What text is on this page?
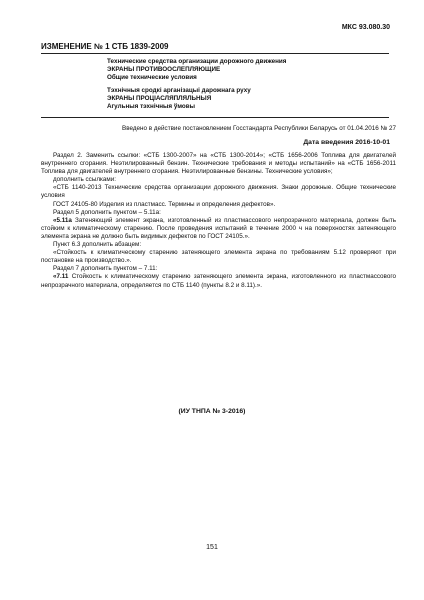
МКС 93.080.30
ИЗМЕНЕНИЕ № 1 СТБ 1839-2009
Технические средства организации дорожного движения
ЭКРАНЫ ПРОТИВООСЛЕПЛЯЮЩИЕ
Общие технические условия
Тэхнічныя сродкі арганізацыі дарожнага руху
ЭКРАНЫ ПРОЦІАСЛЯПЛЯЛЬНЫЯ
Агульныя тэхнічныя ўмовы
Введено в действие постановлением Госстандарта Республики Беларусь от 01.04.2016 № 27
Дата введения 2016-10-01

Раздел 2. Заменить ссылки: «СТБ 1300-2007» на «СТБ 1300-2014»; «СТБ 1656-2006 Топлива для двигателей внутреннего сгорания. Неэтилированный бензин. Технические требования и методы испытаний» на «СТБ 1656-2011 Топлива для двигателей внутреннего сгорания. Неэтилированные бензины. Технические условия»;

дополнить ссылками:

«СТБ 1140-2013 Технические средства организации дорожного движения. Знаки дорожные. Общие технические условия

ГОСТ 24105-80 Изделия из пластмасс. Термины и определения дефектов».

Раздел 5 дополнить пунктом – 5.11а:

«5.11а Затеняющий элемент экрана, изготовленный из пластмассового непрозрачного материала, должен быть стойким к климатическому старению. После проведения испытаний в течение 2000 ч на поверхностях затеняющего элемента экрана не должно быть видимых дефектов по ГОСТ 24105.».

Пункт 6.3 дополнить абзацем:

«Стойкость к климатическому старению затеняющего элемента экрана по требованиям 5.12 проверяют при постановке на производство.».

Раздел 7 дополнить пунктом – 7.11:

«7.11 Стойкость к климатическому старению затеняющего элемента экрана, изготовленного из пластмассового непрозрачного материала, определяется по СТБ 1140 (пункты 8.2 и 8.11).».

(ИУ ТНПА № 3-2016)
151
